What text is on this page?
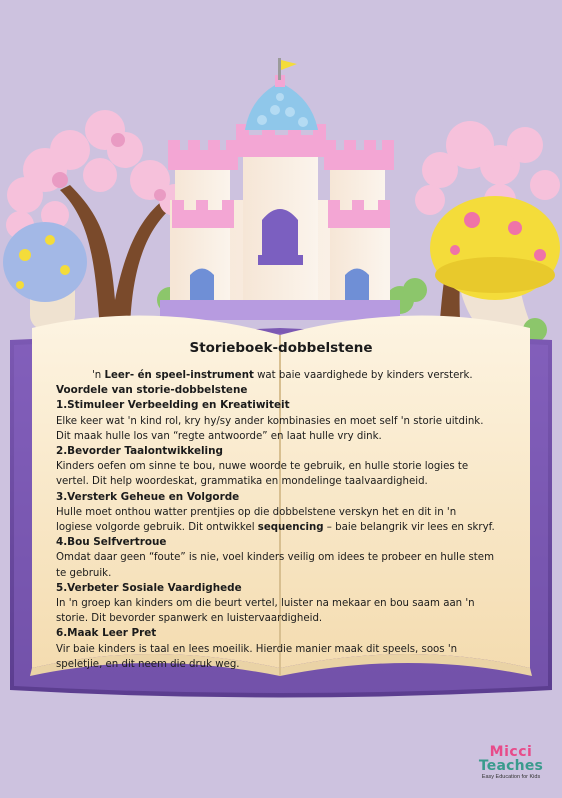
Storieboek-dobbelstene

'n Leer- én speel-instrument wat baie vaardighede by kinders versterk.

Voordele van storie-dobbelstene

1.Stimuleer Verbeelding en Kreatiwiteit

Elke keer wat 'n kind rol, kry hy/sy ander kombinasies en moet self 'n storie uitdink.

Dit maak hulle los van “regte antwoorde” en laat hulle vry dink.

2.Bevorder Taalontwikkeling

Kinders oefen om sinne te bou, nuwe woorde te gebruik, en hulle storie logies te

vertel. Dit help woordeskat, grammatika en mondelinge taalvaardigheid.

3.Versterk Geheue en Volgorde

Hulle moet onthou watter prentjies op die dobbelstene verskyn het en dit in 'n

logiese volgorde gebruik. Dit ontwikkel sequencing – baie belangrik vir lees en skryf.

4.Bou Selfvertroue

Omdat daar geen “foute” is nie, voel kinders veilig om idees te probeer en hulle stem

te gebruik.

5.Verbeter Sosiale Vaardighede

In 'n groep kan kinders om die beurt vertel, luister na mekaar en bou saam aan 'n

storie. Dit bevorder spanwerk en luistervaardigheid.

6.Maak Leer Pret

Vir baie kinders is taal en lees moeilik. Hierdie manier maak dit speels, soos 'n

speletjie, en dit neem die druk weg.

Micci
Teaches
Easy Education for Kids
